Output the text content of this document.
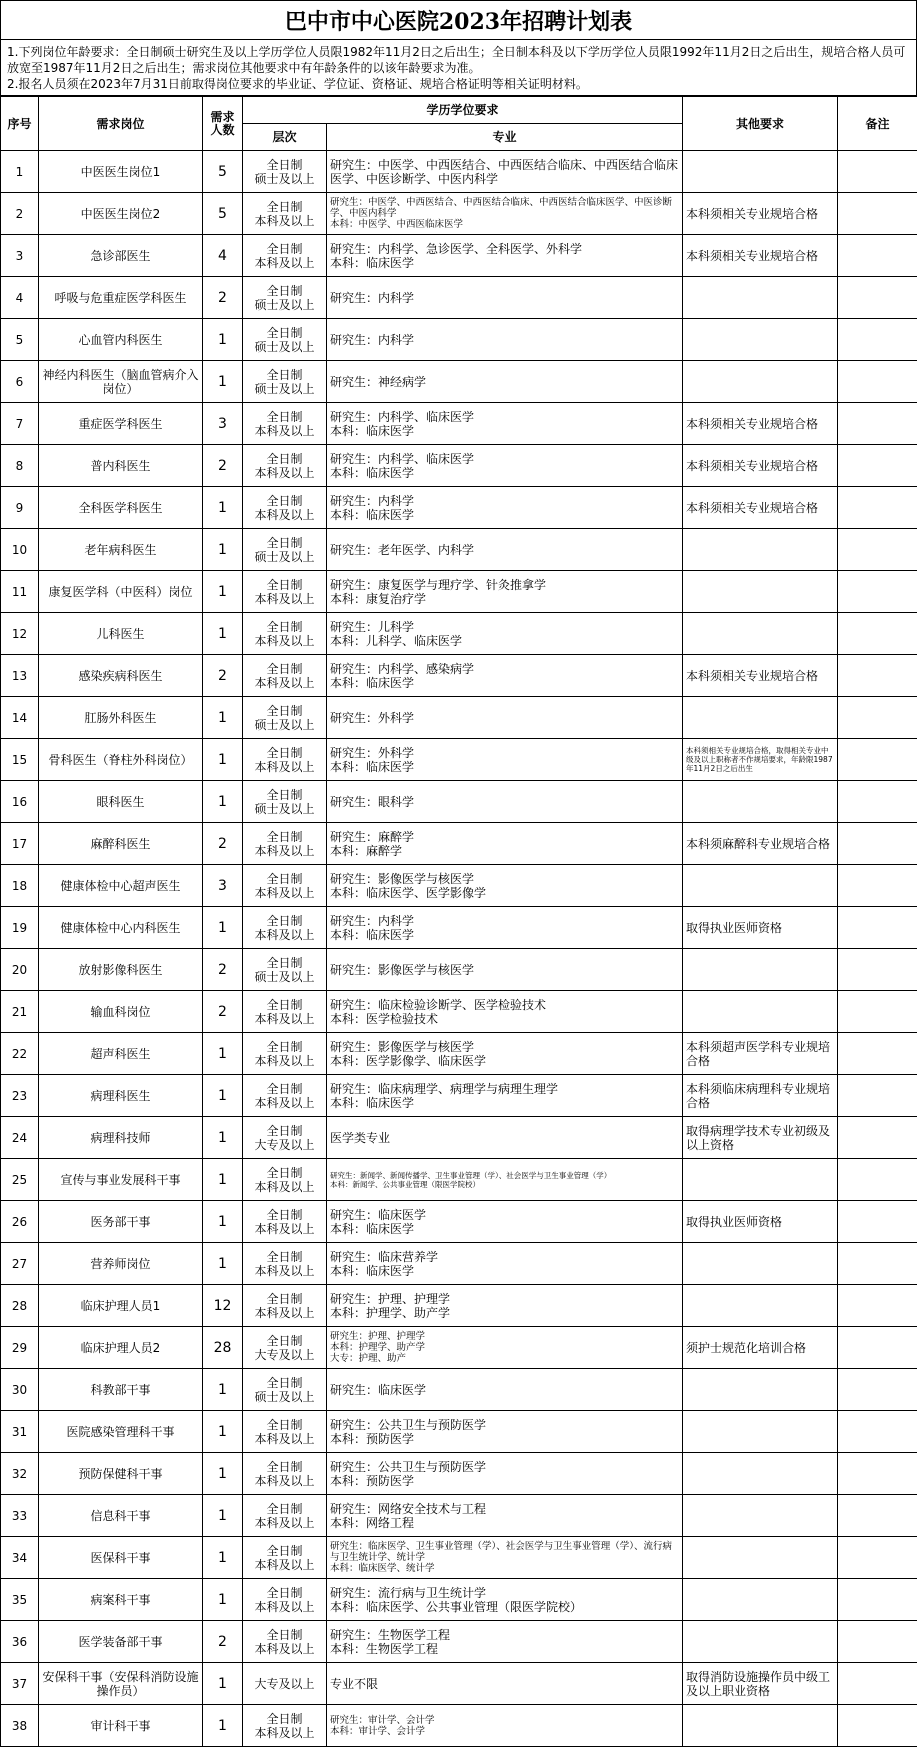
巴中市中心医院2023年招聘计划表
1.下列岗位年龄要求：全日制硕士研究生及以上学历学位人员限1982年11月2日之后出生；全日制本科及以下学历学位人员限1992年11月2日之后出生，规培合格人员可放宽至1987年11月2日之后出生；需求岗位其他要求中有年龄条件的以该年龄要求为准。
2.报名人员须在2023年7月31日前取得岗位要求的毕业证、学位证、资格证、规培合格证明等相关证明材料。
序号	需求岗位	需求人数	学历学位要求		其他要求	备注
			层次	专业		
1	中医医生岗位1	5	全日制
硕士及以上	研究生：中医学、中西医结合、中西医结合临床、中西医结合临床医学、中医诊断学、中医内科学		
2	中医医生岗位2	5	全日制
本科及以上	研究生：中医学、中西医结合、中西医结合临床、中西医结合临床医学、中医诊断学、中医内科学
本科：中医学、中西医临床医学	本科须相关专业规培合格	
3	急诊部医生	4	全日制
本科及以上	研究生：内科学、急诊医学、全科医学、外科学
本科：临床医学	本科须相关专业规培合格	
4	呼吸与危重症医学科医生	2	全日制
硕士及以上	研究生：内科学		
5	心血管内科医生	1	全日制
硕士及以上	研究生：内科学		
6	神经内科医生（脑血管病介入岗位）	1	全日制
硕士及以上	研究生：神经病学		
7	重症医学科医生	3	全日制
本科及以上	研究生：内科学、临床医学
本科：临床医学	本科须相关专业规培合格	
8	普内科医生	2	全日制
本科及以上	研究生：内科学、临床医学
本科：临床医学	本科须相关专业规培合格	
9	全科医学科医生	1	全日制
本科及以上	研究生：内科学
本科：临床医学	本科须相关专业规培合格	
10	老年病科医生	1	全日制
硕士及以上	研究生：老年医学、内科学		
11	康复医学科（中医科）岗位	1	全日制
本科及以上	研究生：康复医学与理疗学、针灸推拿学
本科：康复治疗学		
12	儿科医生	1	全日制
本科及以上	研究生：儿科学
本科：儿科学、临床医学		
13	感染疾病科医生	2	全日制
本科及以上	研究生：内科学、感染病学
本科：临床医学	本科须相关专业规培合格	
14	肛肠外科医生	1	全日制
硕士及以上	研究生：外科学		
15	骨科医生（脊柱外科岗位）	1	全日制
本科及以上	研究生：外科学
本科：临床医学	本科须相关专业规培合格，取得相关专业中级及以上职称者不作规培要求，年龄限1987年11月2日之后出生	
16	眼科医生	1	全日制
硕士及以上	研究生：眼科学		
17	麻醉科医生	2	全日制
本科及以上	研究生：麻醉学
本科：麻醉学	本科须麻醉科专业规培合格	
18	健康体检中心超声医生	3	全日制
本科及以上	研究生：影像医学与核医学
本科：临床医学、医学影像学		
19	健康体检中心内科医生	1	全日制
本科及以上	研究生：内科学
本科：临床医学	取得执业医师资格	
20	放射影像科医生	2	全日制
硕士及以上	研究生：影像医学与核医学		
21	输血科岗位	2	全日制
本科及以上	研究生：临床检验诊断学、医学检验技术
本科：医学检验技术		
22	超声科医生	1	全日制
本科及以上	研究生：影像医学与核医学
本科：医学影像学、临床医学	本科须超声医学科专业规培合格	
23	病理科医生	1	全日制
本科及以上	研究生：临床病理学、病理学与病理生理学
本科：临床医学	本科须临床病理科专业规培合格	
24	病理科技师	1	全日制
大专及以上	医学类专业	取得病理学技术专业初级及以上资格	
25	宣传与事业发展科干事	1	全日制
本科及以上	研究生：新闻学、新闻传播学、卫生事业管理（学）、社会医学与卫生事业管理（学）
本科：新闻学、公共事业管理（限医学院校）		
26	医务部干事	1	全日制
本科及以上	研究生：临床医学
本科：临床医学	取得执业医师资格	
27	营养师岗位	1	全日制
本科及以上	研究生：临床营养学
本科：临床医学		
28	临床护理人员1	12	全日制
本科及以上	研究生：护理、护理学
本科：护理学、助产学		
29	临床护理人员2	28	全日制
大专及以上	研究生：护理、护理学
本科：护理学、助产学
大专：护理、助产	须护士规范化培训合格	
30	科教部干事	1	全日制
硕士及以上	研究生：临床医学		
31	医院感染管理科干事	1	全日制
本科及以上	研究生：公共卫生与预防医学
本科：预防医学		
32	预防保健科干事	1	全日制
本科及以上	研究生：公共卫生与预防医学
本科：预防医学		
33	信息科干事	1	全日制
本科及以上	研究生：网络安全技术与工程
本科：网络工程		
34	医保科干事	1	全日制
本科及以上	研究生：临床医学、卫生事业管理（学）、社会医学与卫生事业管理（学）、流行病与卫生统计学、统计学
本科：临床医学、统计学		
35	病案科干事	1	全日制
本科及以上	研究生：流行病与卫生统计学
本科：临床医学、公共事业管理（限医学院校）		
36	医学装备部干事	2	全日制
本科及以上	研究生：生物医学工程
本科：生物医学工程		
37	安保科干事（安保科消防设施操作员）	1	大专及以上	专业不限	取得消防设施操作员中级工及以上职业资格	
38	审计科干事	1	全日制
本科及以上	研究生：审计学、会计学
本科：审计学、会计学		
